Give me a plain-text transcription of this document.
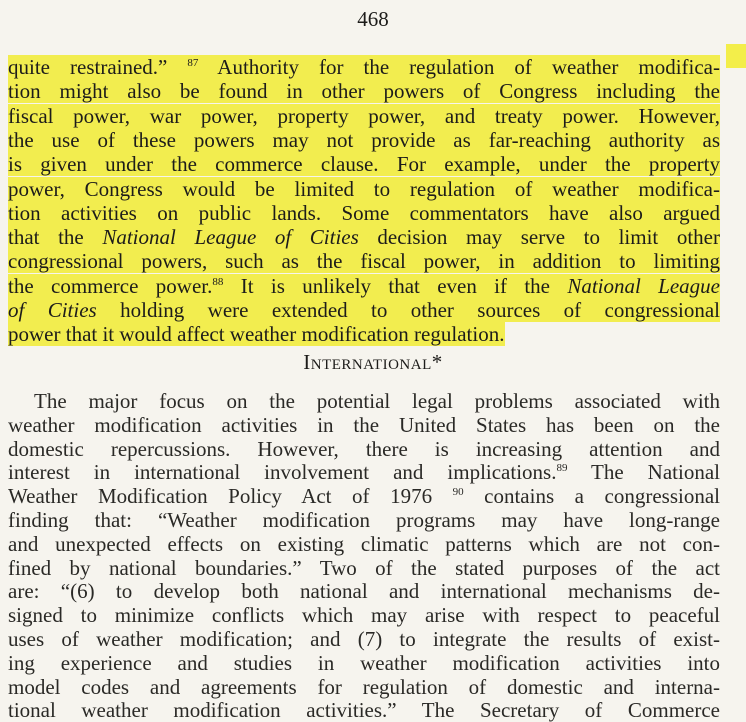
468
quite restrained.” $^{87}$ Authority for the regulation of weather modifica-
tion might also be found in other powers of Congress including the
fiscal power, war power, property power, and treaty power. However,
the use of these powers may not provide as far-reaching authority as
is given under the commerce clause. For example, under the property
power, Congress would be limited to regulation of weather modifica-
tion activities on public lands. Some commentators have also argued
that the National League of Cities decision may serve to limit other
congressional powers, such as the fiscal power, in addition to limiting
the commerce power.$^{88}$ It is unlikely that even if the National League
of Cities holding were extended to other sources of congressional
power that it would affect weather modification regulation.
International*
The major focus on the potential legal problems associated with
weather modification activities in the United States has been on the
domestic repercussions. However, there is increasing attention and
interest in international involvement and implications.$^{89}$ The National
Weather Modification Policy Act of 1976 $^{90}$ contains a congressional
finding that: “Weather modification programs may have long-range
and unexpected effects on existing climatic patterns which are not con-
fined by national boundaries.” Two of the stated purposes of the act
are: “(6) to develop both national and international mechanisms de-
signed to minimize conflicts which may arise with respect to peaceful
uses of weather modification; and (7) to integrate the results of exist-
ing experience and studies in weather modification activities into
model codes and agreements for regulation of domestic and interna-
tional weather modification activities.” The Secretary of Commerce
